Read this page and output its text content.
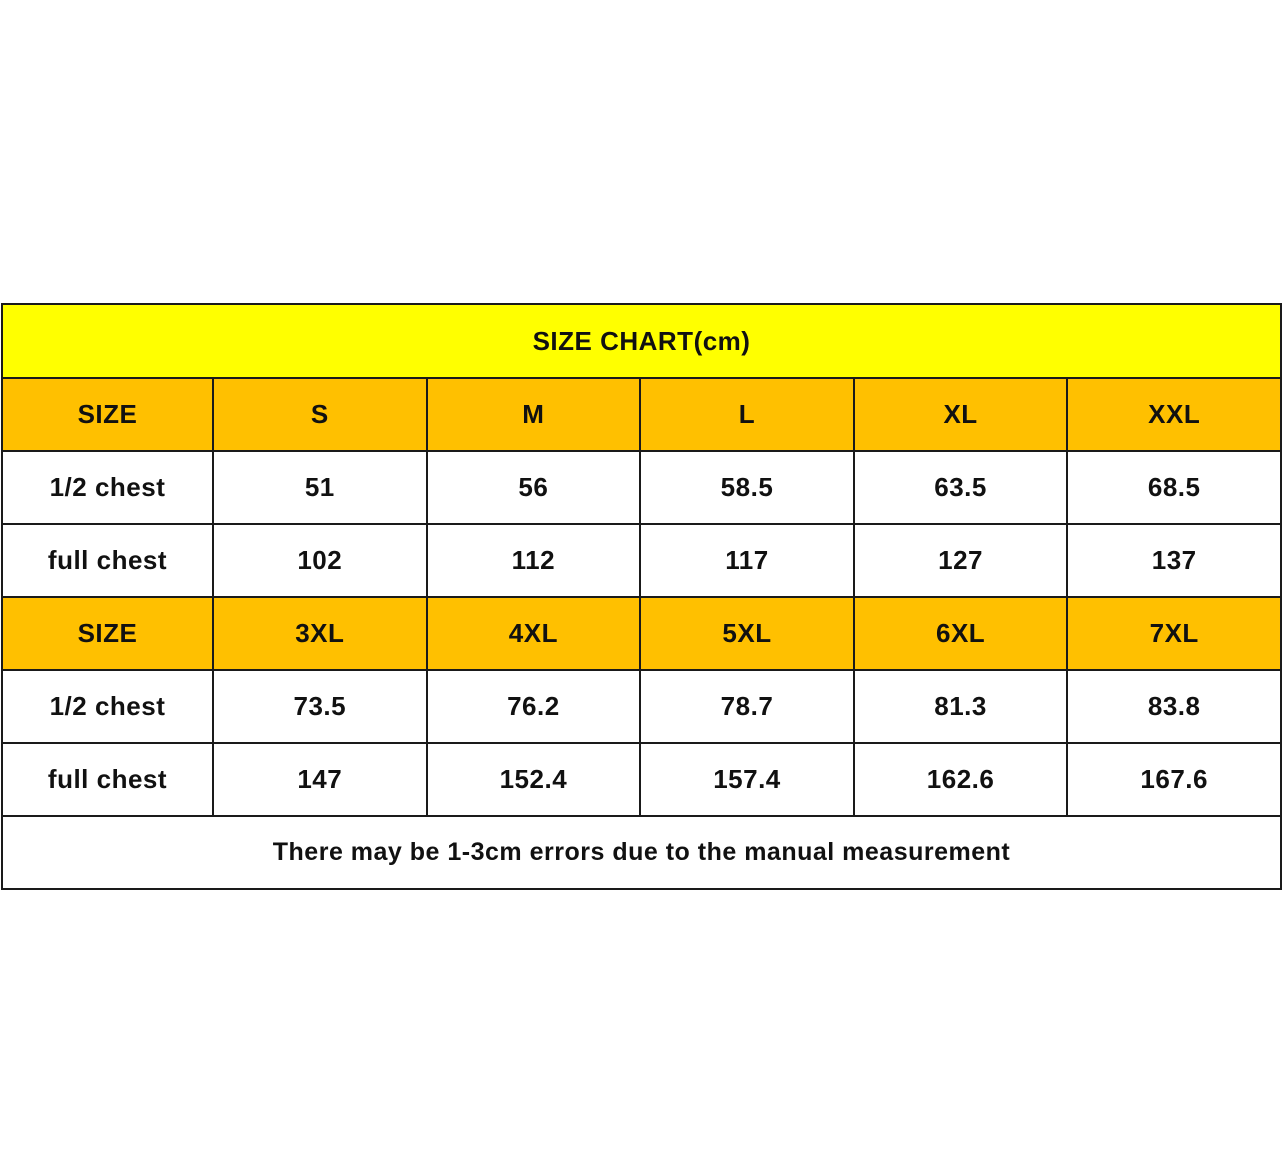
SIZE CHART(cm)					
SIZE	S	M	L	XL	XXL
1/2 chest	51	56	58.5	63.5	68.5
full chest	102	112	117	127	137
SIZE	3XL	4XL	5XL	6XL	7XL
1/2 chest	73.5	76.2	78.7	81.3	83.8
full chest	147	152.4	157.4	162.6	167.6
There may be 1-3cm errors due to the manual measurement					
